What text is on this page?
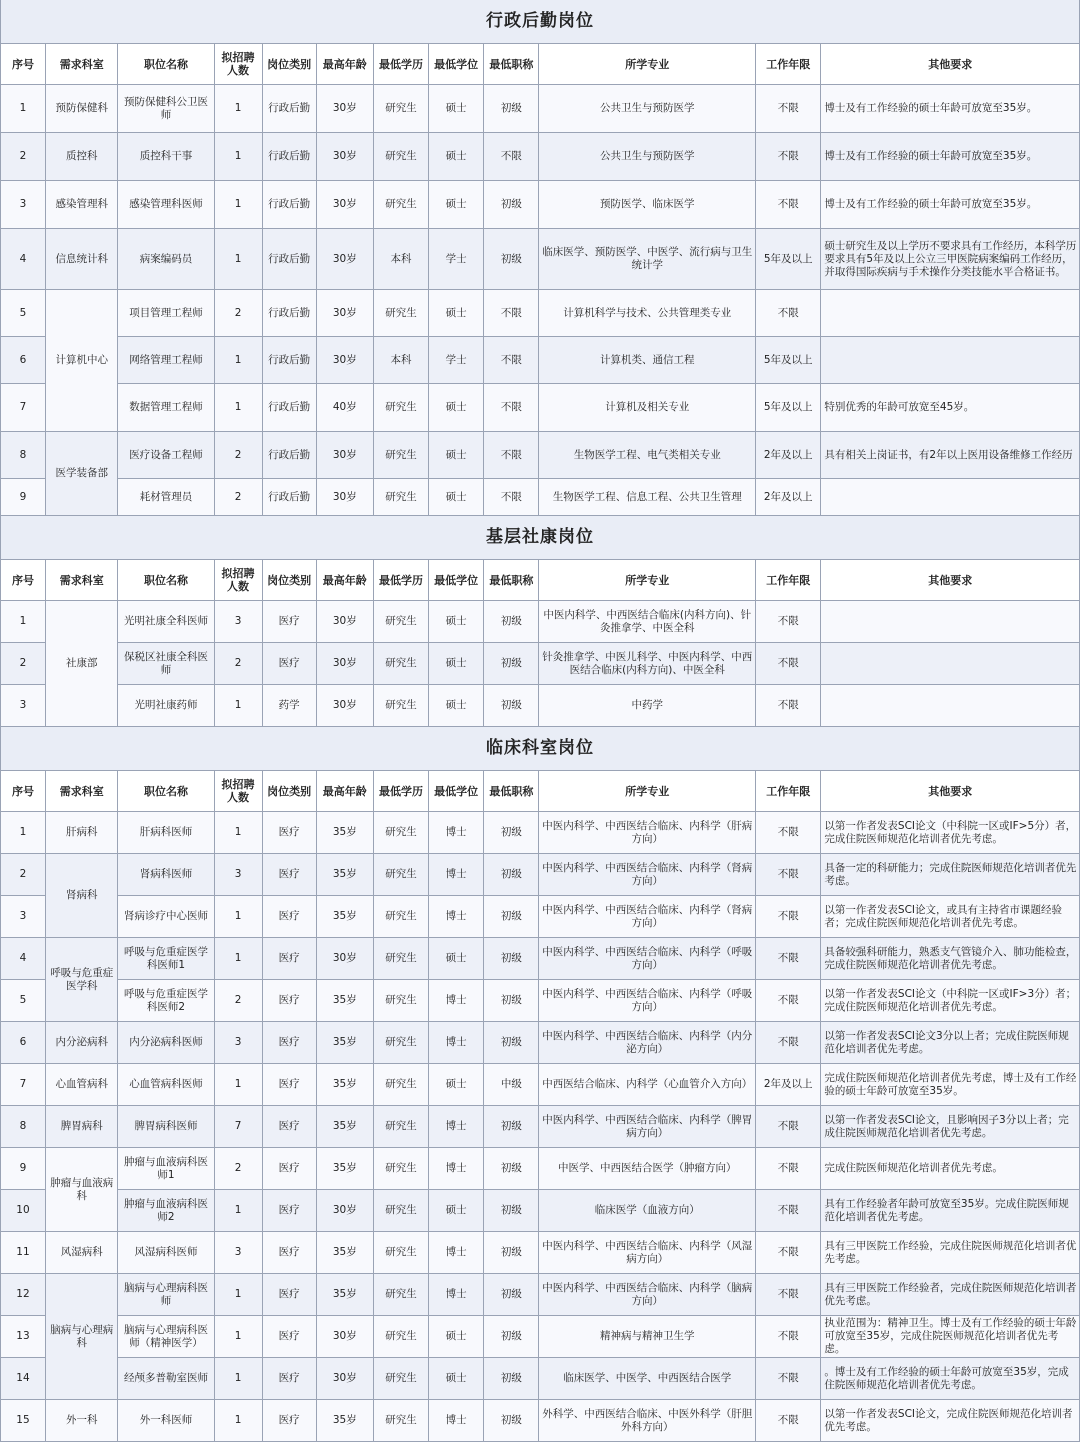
行政后勤岗位
序号	需求科室	职位名称	拟招聘人数	岗位类别	最高年龄	最低学历	最低学位	最低职称	所学专业	工作年限	其他要求
1	预防保健科	预防保健科公卫医师	1	行政后勤	30岁	研究生	硕士	初级	公共卫生与预防医学	不限	博士及有工作经验的硕士年龄可放宽至35岁。
2	质控科	质控科干事	1	行政后勤	30岁	研究生	硕士	不限	公共卫生与预防医学	不限	博士及有工作经验的硕士年龄可放宽至35岁。
3	感染管理科	感染管理科医师	1	行政后勤	30岁	研究生	硕士	初级	预防医学、临床医学	不限	博士及有工作经验的硕士年龄可放宽至35岁。
4	信息统计科	病案编码员	1	行政后勤	30岁	本科	学士	初级	临床医学、预防医学、中医学、流行病与卫生统计学	5年及以上	硕士研究生及以上学历不要求具有工作经历，本科学历要求具有5年及以上公立三甲医院病案编码工作经历，并取得国际疾病与手术操作分类技能水平合格证书。
5	计算机中心	项目管理工程师	2	行政后勤	30岁	研究生	硕士	不限	计算机科学与技术、公共管理类专业	不限	
6		网络管理工程师	1	行政后勤	30岁	本科	学士	不限	计算机类、通信工程	5年及以上	
7		数据管理工程师	1	行政后勤	40岁	研究生	硕士	不限	计算机及相关专业	5年及以上	特别优秀的年龄可放宽至45岁。
8	医学装备部	医疗设备工程师	2	行政后勤	30岁	研究生	硕士	不限	生物医学工程、电气类相关专业	2年及以上	具有相关上岗证书，有2年以上医用设备维修工作经历
9		耗材管理员	2	行政后勤	30岁	研究生	硕士	不限	生物医学工程、信息工程、公共卫生管理	2年及以上	
基层社康岗位
序号	需求科室	职位名称	拟招聘人数	岗位类别	最高年龄	最低学历	最低学位	最低职称	所学专业	工作年限	其他要求
1	社康部	光明社康全科医师	3	医疗	30岁	研究生	硕士	初级	中医内科学、中西医结合临床(内科方向)、针灸推拿学、中医全科	不限	
2		保税区社康全科医师	2	医疗	30岁	研究生	硕士	初级	针灸推拿学、中医儿科学、中医内科学、中西医结合临床(内科方向)、中医全科	不限	
3		光明社康药师	1	药学	30岁	研究生	硕士	初级	中药学	不限	
临床科室岗位
序号	需求科室	职位名称	拟招聘人数	岗位类别	最高年龄	最低学历	最低学位	最低职称	所学专业	工作年限	其他要求
1	肝病科	肝病科医师	1	医疗	35岁	研究生	博士	初级	中医内科学、中西医结合临床、内科学（肝病方向）	不限	以第一作者发表SCI论文（中科院一区或IF>5分）者，完成住院医师规范化培训者优先考虑。
2	肾病科	肾病科医师	3	医疗	35岁	研究生	博士	初级	中医内科学、中西医结合临床、内科学（肾病方向）	不限	具备一定的科研能力；完成住院医师规范化培训者优先考虑。
3		肾病诊疗中心医师	1	医疗	35岁	研究生	博士	初级	中医内科学、中西医结合临床、内科学（肾病方向）	不限	以第一作者发表SCI论文，或具有主持省市课题经验者；完成住院医师规范化培训者优先考虑。
4	呼吸与危重症医学科	呼吸与危重症医学科医师1	1	医疗	30岁	研究生	硕士	初级	中医内科学、中西医结合临床、内科学（呼吸方向）	不限	具备较强科研能力，熟悉支气管镜介入、肺功能检查，完成住院医师规范化培训者优先考虑。
5		呼吸与危重症医学科医师2	2	医疗	35岁	研究生	博士	初级	中医内科学、中西医结合临床、内科学（呼吸方向）	不限	以第一作者发表SCI论文（中科院一区或IF>3分）者；完成住院医师规范化培训者优先考虑。
6	内分泌病科	内分泌病科医师	3	医疗	35岁	研究生	博士	初级	中医内科学、中西医结合临床、内科学（内分泌方向）	不限	以第一作者发表SCI论文3分以上者；完成住院医师规范化培训者优先考虑。
7	心血管病科	心血管病科医师	1	医疗	35岁	研究生	硕士	中级	中西医结合临床、内科学（心血管介入方向）	2年及以上	完成住院医师规范化培训者优先考虑，博士及有工作经验的硕士年龄可放宽至35岁。
8	脾胃病科	脾胃病科医师	7	医疗	35岁	研究生	博士	初级	中医内科学、中西医结合临床、内科学（脾胃病方向）	不限	以第一作者发表SCI论文，且影响因子3分以上者；完成住院医师规范化培训者优先考虑。
9	肿瘤与血液病科	肿瘤与血液病科医师1	2	医疗	35岁	研究生	博士	初级	中医学、中西医结合医学（肿瘤方向）	不限	完成住院医师规范化培训者优先考虑。
10		肿瘤与血液病科医师2	1	医疗	30岁	研究生	硕士	初级	临床医学（血液方向）	不限	具有工作经验者年龄可放宽至35岁。完成住院医师规范化培训者优先考虑。
11	风湿病科	风湿病科医师	3	医疗	35岁	研究生	博士	初级	中医内科学、中西医结合临床、内科学（风湿病方向）	不限	具有三甲医院工作经验，完成住院医师规范化培训者优先考虑。
12	脑病与心理病科	脑病与心理病科医师	1	医疗	35岁	研究生	博士	初级	中医内科学、中西医结合临床、内科学（脑病方向）	不限	具有三甲医院工作经验者，完成住院医师规范化培训者优先考虑。
13		脑病与心理病科医师（精神医学）	1	医疗	30岁	研究生	硕士	初级	精神病与精神卫生学	不限	执业范围为：精神卫生。博士及有工作经验的硕士年龄可放宽至35岁，完成住院医师规范化培训者优先考虑。
14		经颅多普勒室医师	1	医疗	30岁	研究生	硕士	初级	临床医学、中医学、中西医结合医学	不限	。博士及有工作经验的硕士年龄可放宽至35岁，完成住院医师规范化培训者优先考虑。
15	外一科	外一科医师	1	医疗	35岁	研究生	博士	初级	外科学、中西医结合临床、中医外科学（肝胆外科方向）	不限	以第一作者发表SCI论文，完成住院医师规范化培训者优先考虑。
